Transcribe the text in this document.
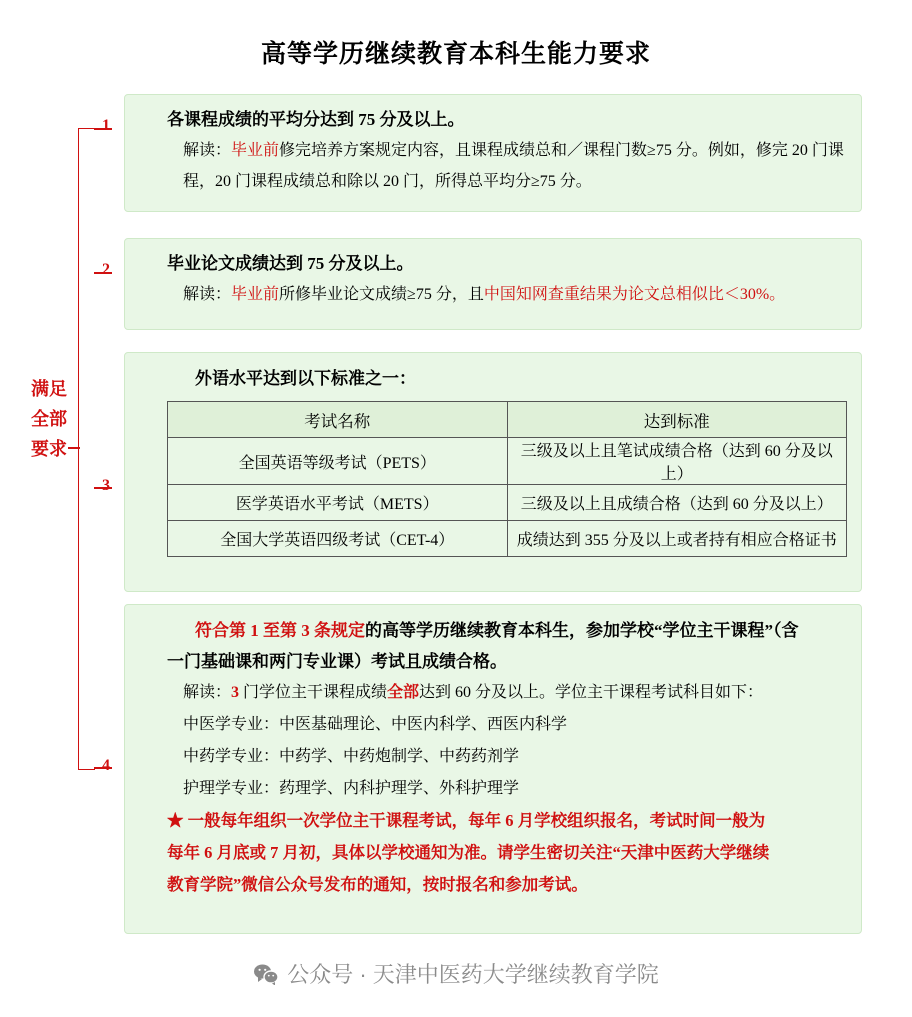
高等学历继续教育本科生能力要求
满足
全部
要求
1
2
3
4
各课程成绩的平均分达到 75 分及以上。
解读：毕业前修完培养方案规定内容，且课程成绩总和／课程门数≥75 分。例如，修完 20 门课程，20 门课程成绩总和除以 20 门，所得总平均分≥75 分。
毕业论文成绩达到 75 分及以上。
解读：毕业前所修毕业论文成绩≥75 分，且中国知网查重结果为论文总相似比＜30%。
外语水平达到以下标准之一：
考试名称	达到标准
全国英语等级考试（PETS）	三级及以上且笔试成绩合格（达到 60 分及以上）
医学英语水平考试（METS）	三级及以上且成绩合格（达到 60 分及以上）
全国大学英语四级考试（CET-4）	成绩达到 355 分及以上或者持有相应合格证书
符合第 1 至第 3 条规定的高等学历继续教育本科生，参加学校“学位主干课程”（含
一门基础课和两门专业课）考试且成绩合格。
解读：3 门学位主干课程成绩全部达到 60 分及以上。学位主干课程考试科目如下：
中医学专业：中医基础理论、中医内科学、西医内科学
中药学专业：中药学、中药炮制学、中药药剂学
护理学专业：药理学、内科护理学、外科护理学
★ 一般每年组织一次学位主干课程考试，每年 6 月学校组织报名，考试时间一般为
每年 6 月底或 7 月初，具体以学校通知为准。请学生密切关注“天津中医药大学继续
教育学院”微信公众号发布的通知，按时报名和参加考试。
公众号 · 天津中医药大学继续教育学院
